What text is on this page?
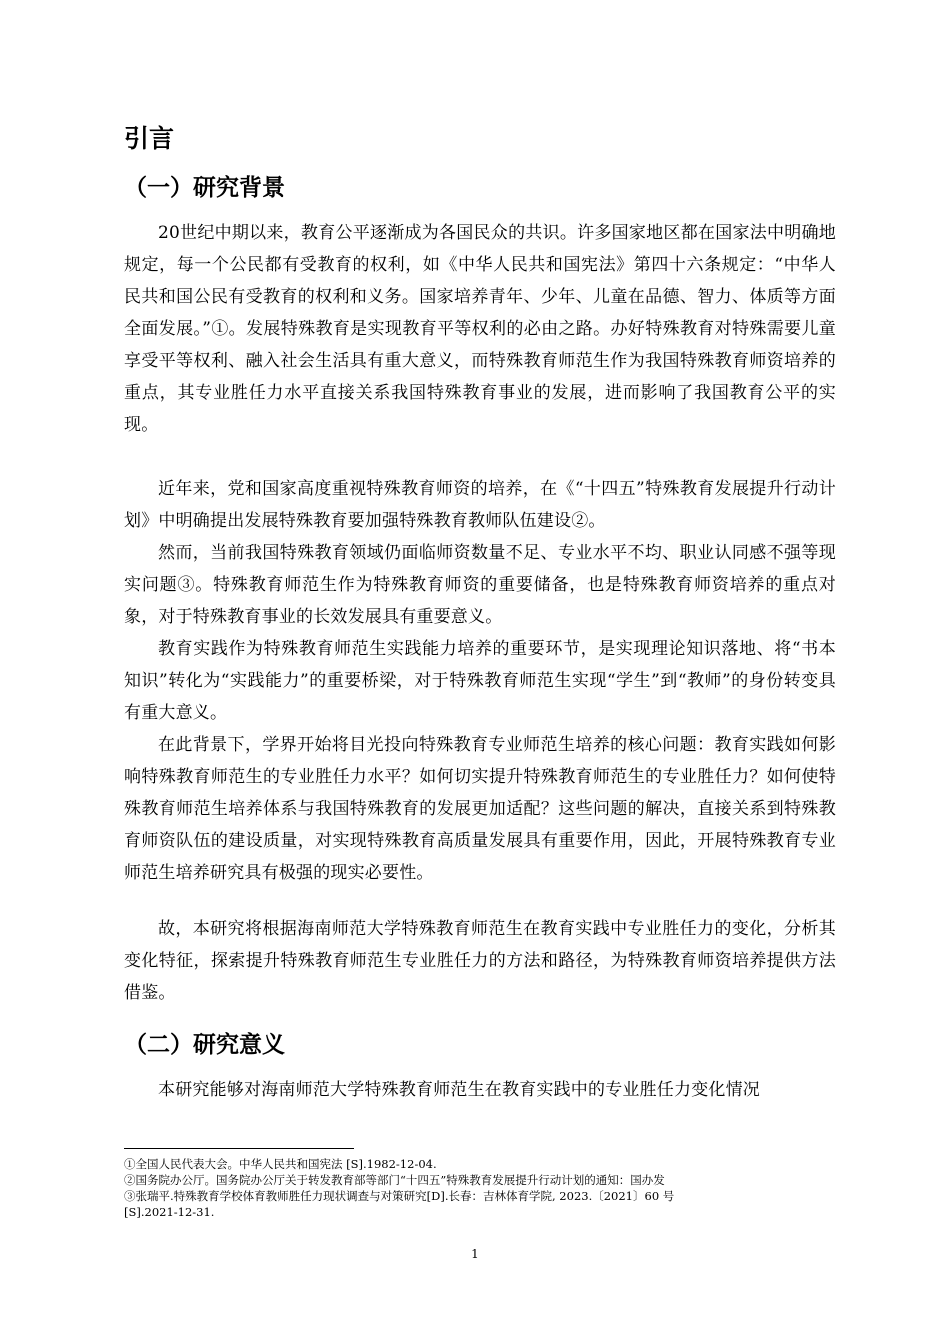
引言
（一）研究背景

20世纪中期以来，教育公平逐渐成为各国民众的共识。许多国家地区都在国家法中明确地规定，每一个公民都有受教育的权利，如《中华人民共和国宪法》第四十六条规定：“中华人民共和国公民有受教育的权利和义务。国家培养青年、少年、儿童在品德、智力、体质等方面全面发展。”①。发展特殊教育是实现教育平等权利的必由之路。办好特殊教育对特殊需要儿童享受平等权利、融入社会生活具有重大意义，而特殊教育师范生作为我国特殊教育师资培养的重点，其专业胜任力水平直接关系我国特殊教育事业的发展，进而影响了我国教育公平的实现。

近年来，党和国家高度重视特殊教育师资的培养，在《“十四五”特殊教育发展提升行动计划》中明确提出发展特殊教育要加强特殊教育教师队伍建设②。

然而，当前我国特殊教育领域仍面临师资数量不足、专业水平不均、职业认同感不强等现实问题③。特殊教育师范生作为特殊教育师资的重要储备，也是特殊教育师资培养的重点对象，对于特殊教育事业的长效发展具有重要意义。

教育实践作为特殊教育师范生实践能力培养的重要环节，是实现理论知识落地、将“书本知识”转化为“实践能力”的重要桥梁，对于特殊教育师范生实现“学生”到“教师”的身份转变具有重大意义。

在此背景下，学界开始将目光投向特殊教育专业师范生培养的核心问题：教育实践如何影响特殊教育师范生的专业胜任力水平？如何切实提升特殊教育师范生的专业胜任力？如何使特殊教育师范生培养体系与我国特殊教育的发展更加适配？这些问题的解决，直接关系到特殊教育师资队伍的建设质量，对实现特殊教育高质量发展具有重要作用，因此，开展特殊教育专业师范生培养研究具有极强的现实必要性。

故，本研究将根据海南师范大学特殊教育师范生在教育实践中专业胜任力的变化，分析其变化特征，探索提升特殊教育师范生专业胜任力的方法和路径，为特殊教育师资培养提供方法借鉴。

（二）研究意义

本研究能够对海南师范大学特殊教育师范生在教育实践中的专业胜任力变化情况

①全国人民代表大会。中华人民共和国宪法 [S].1982-12-04.
②国务院办公厅。国务院办公厅关于转发教育部等部门“十四五”特殊教育发展提升行动计划的通知：国办发
③张瑞平.特殊教育学校体育教师胜任力现状调查与对策研究[D].长春：吉林体育学院, 2023.〔2021〕60 号
[S].2021-12-31.
1
